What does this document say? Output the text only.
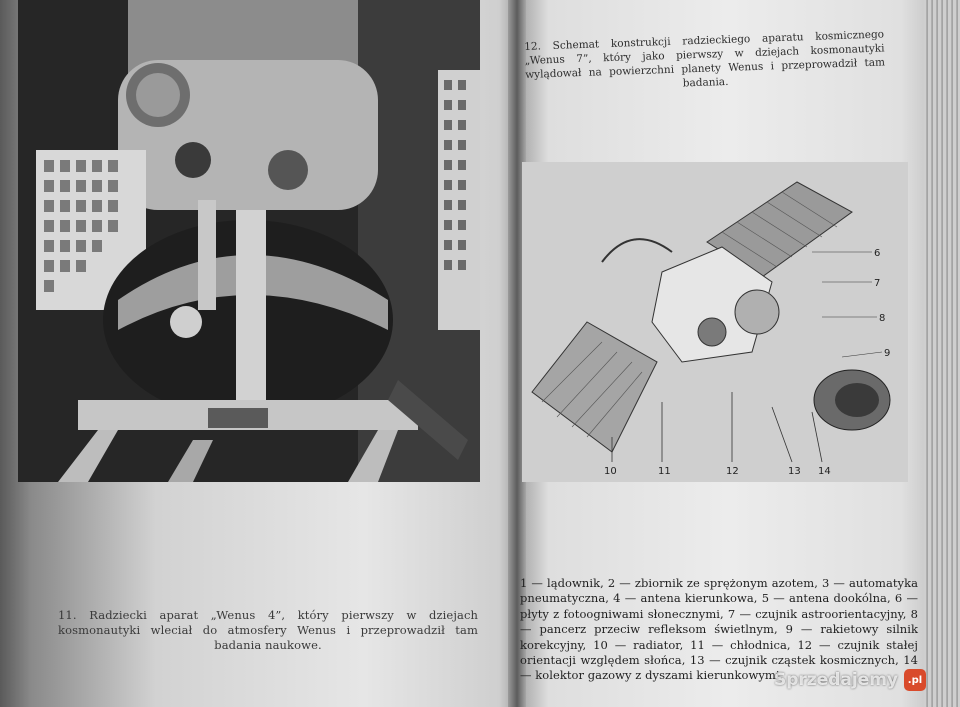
11. Radziecki aparat „Wenus 4”, który pierwszy w dziejach kosmonautyki wleciał do atmosfery Wenus i przeprowadził tam badania naukowe.
12. Schemat konstrukcji radzieckiego aparatu kosmicznego „Wenus 7”, który jako pierwszy w dziejach kosmonautyki wylądował na powierzchni planety Wenus i przeprowadził tam badania.
6
7
8
9
10	11	12	13 14
1 — lądownik, 2 — zbiornik ze sprężonym azotem, 3 — automatyka pneumatyczna, 4 — antena kierunkowa, 5 — antena dookólna, 6 — płyty z fotoogniwami słonecznymi, 7 — czujnik astroorientacyjny, 8 — pancerz przeciw refleksom świetlnym, 9 — rakietowy silnik korekcyjny, 10 — radiator, 11 — chłodnica, 12 — czujnik stałej orientacji względem słońca, 13 — czujnik cząstek kosmicznych, 14 — kolektor gazowy z dyszami kierunkowymi.
Sprzedajemy .pl
